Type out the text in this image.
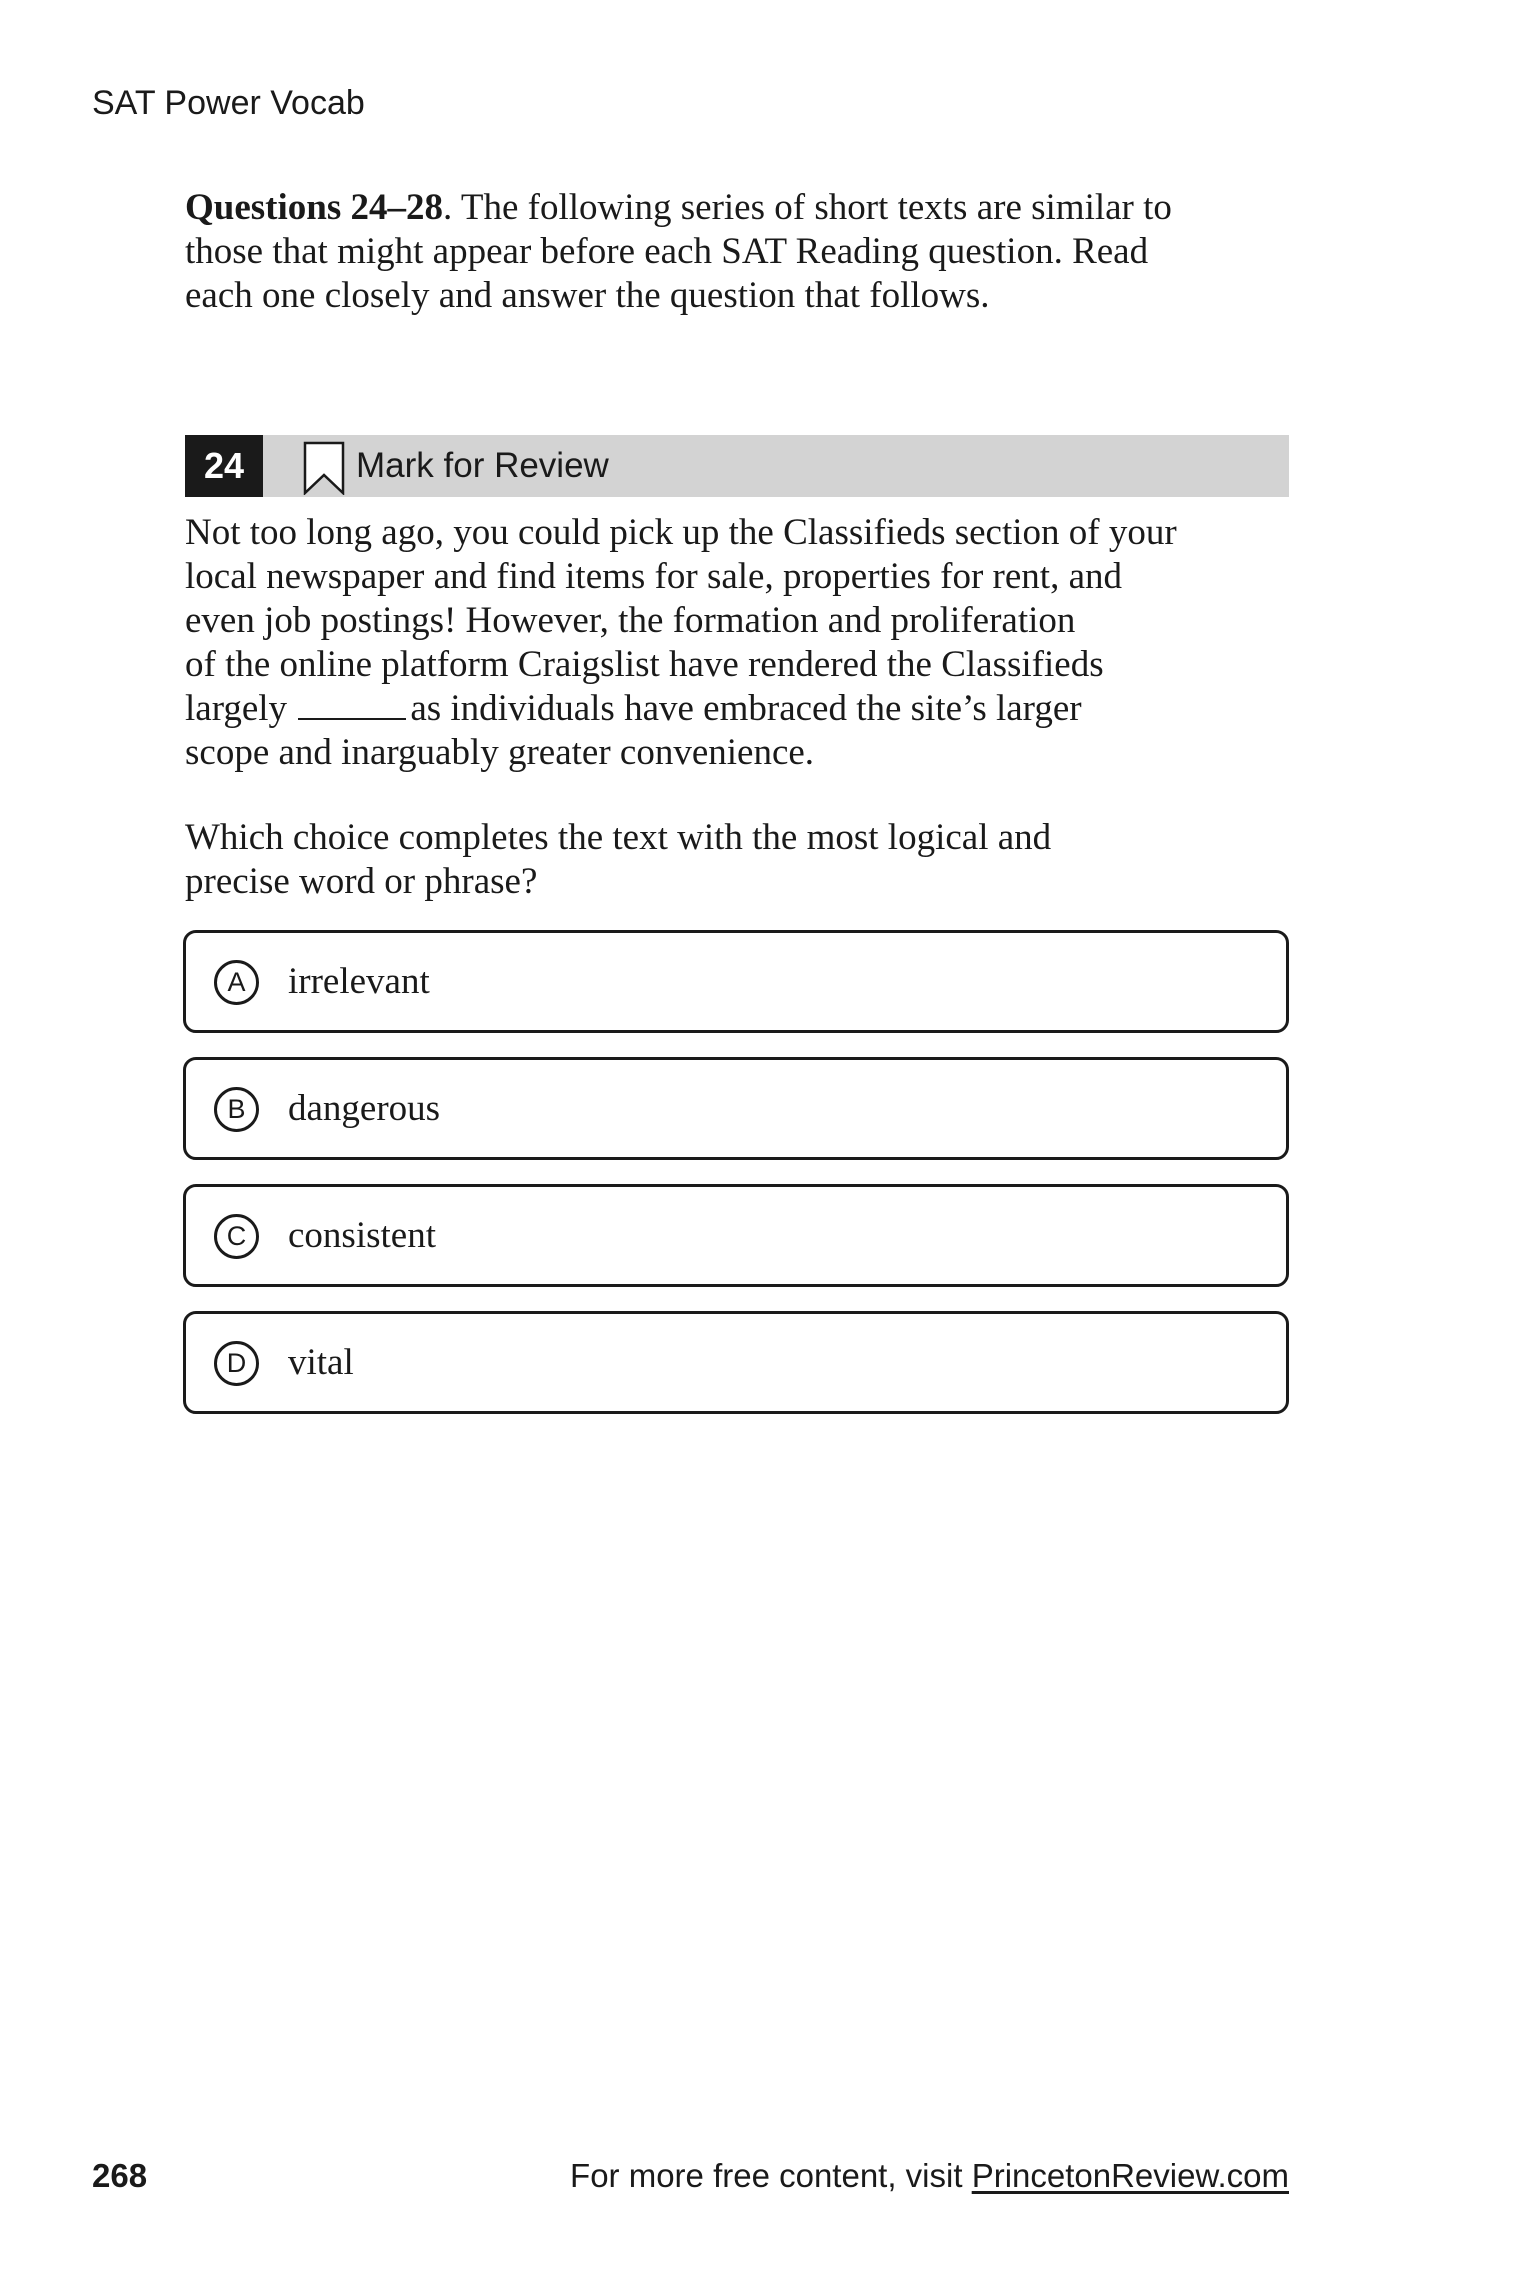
SAT Power Vocab
Questions 24–28. The following series of short texts are similar to
those that might appear before each SAT Reading question. Read
each one closely and answer the question that follows.
24	Mark for Review
Not too long ago, you could pick up the Classifieds section of your
local newspaper and find items for sale, properties for rent, and
even job postings! However, the formation and proliferation
of the online platform Craigslist have rendered the Classifieds
largely	as individuals have embraced the site’s larger
scope and inarguably greater convenience.
Which choice completes the text with the most logical and
precise word or phrase?
A	irrelevant
B	dangerous
C	consistent
D	vital
268	For more free content, visit PrincetonReview.com
